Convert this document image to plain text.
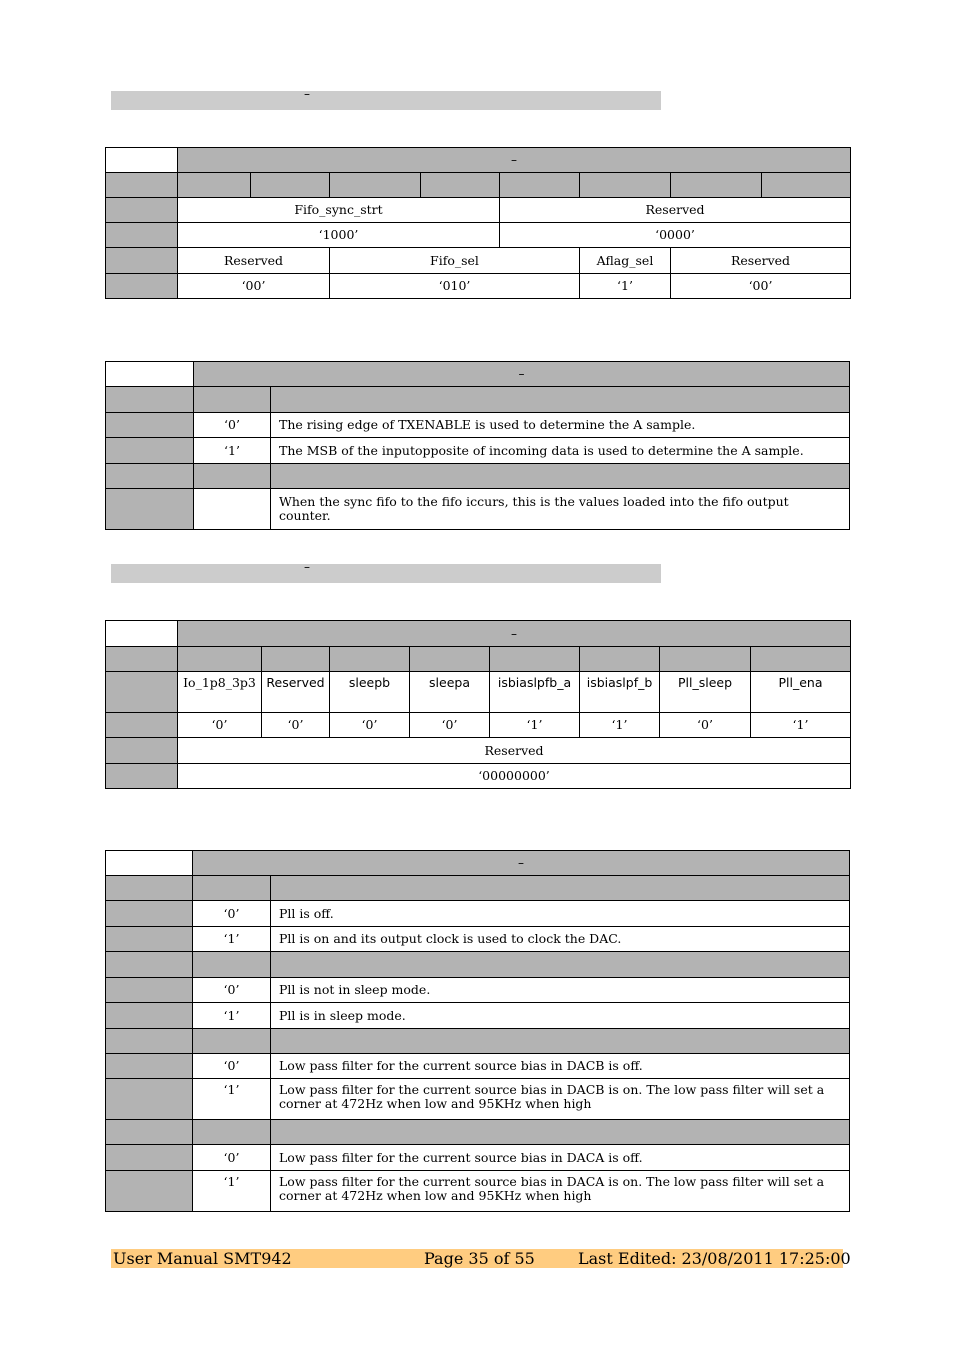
–
	–							

	Fifo_sync_strt				Reserved			
	‘1000’				‘0000’			
	Reserved		Fifo_sel			Aflag_sel	Reserved	
	‘00’		‘010’			‘1’	‘00’	
	–	

	‘0’	The rising edge of TXENABLE is used to determine the A sample.
	‘1’	The MSB of the inputopposite of incoming data is used to determine the A sample.

		When the sync fifo to the fifo iccurs, this is the values loaded into the fifo output counter.
–
	–							

	Io_1p8_3p3	Reserved	sleepb	sleepa	isbiaslpfb_a	isbiaslpf_b	Pll_sleep	Pll_ena
	‘0’	‘0’	‘0’	‘0’	‘1’	‘1’	‘0’	‘1’
	Reserved							
	‘00000000’							
	–	

	‘0’	Pll is off.
	‘1’	Pll is on and its output clock is used to clock the DAC.

	‘0’	Pll is not in sleep mode.
	‘1’	Pll is in sleep mode.

	‘0’	Low pass filter for the current source bias in DACB is off.
	‘1’	Low pass filter for the current source bias in DACB is on. The low pass filter will set a corner at 472Hz when low and 95KHz when high

	‘0’	Low pass filter for the current source bias in DACA is off.
	‘1’	Low pass filter for the current source bias in DACA is on. The low pass filter will set a corner at 472Hz when low and 95KHz when high
User Manual SMT942	Page 35 of 55	Last Edited: 23/08/2011 17:25:00
